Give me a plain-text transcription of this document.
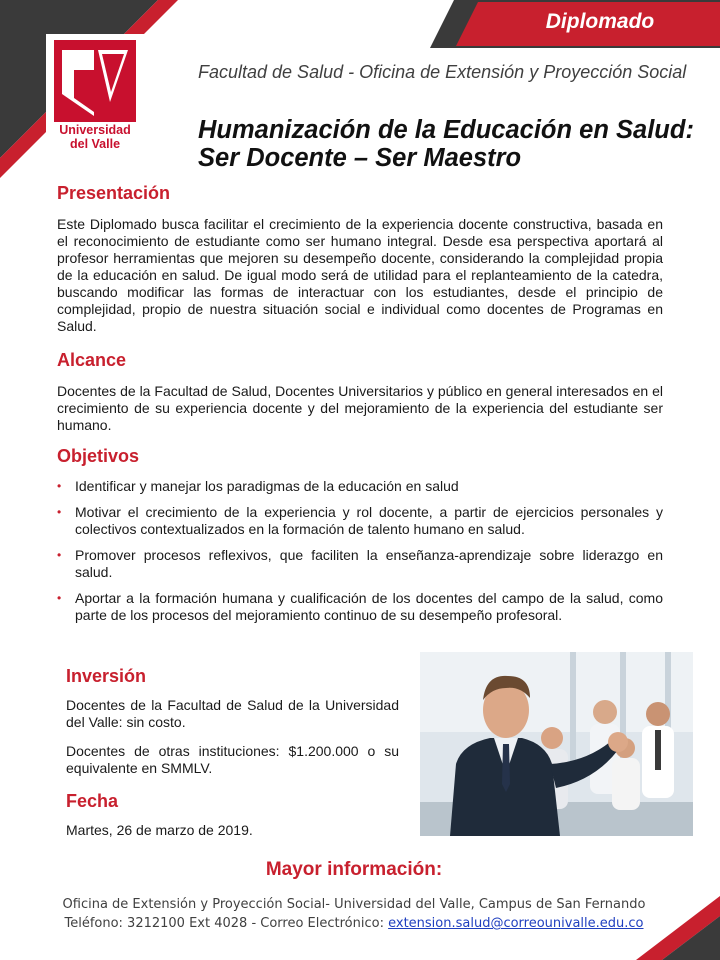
Diplomado
Universidad
del Valle
Facultad de Salud - Oficina de Extensión y Proyección Social
Humanización de la Educación en Salud: Ser Docente – Ser Maestro
Presentación
Este Diplomado busca facilitar el crecimiento de la experiencia docente constructiva, basada en el reconocimiento de estudiante como ser humano integral. Desde esa perspectiva aportará al profesor herramientas que mejoren su desempeño docente, considerando la complejidad propia de la educación en salud. De igual modo será de utilidad para el replanteamiento de la catedra, buscando modificar las formas de interactuar con los estudiantes, desde el principio de complejidad, propio de nuestra situación social e individual como docentes de Programas en Salud.
Alcance
Docentes de la Facultad de Salud, Docentes Universitarios y público en general interesados en el crecimiento de su experiencia docente y del mejoramiento de la experiencia del estudiante ser humano.
Objetivos
• Identificar y manejar los paradigmas de la educación en salud
• Motivar el crecimiento de la experiencia y rol docente, a partir de ejercicios personales y colectivos contextualizados en la formación de talento humano en salud.
• Promover procesos reflexivos, que faciliten la enseñanza-aprendizaje sobre liderazgo en salud.
• Aportar a la formación humana y cualificación de los docentes del campo de la salud, como parte de los procesos del mejoramiento continuo de su desempeño profesoral.
Inversión
Docentes de la Facultad de Salud de la Universidad del Valle: sin costo.
Docentes de otras instituciones: $1.200.000 o su equivalente en SMMLV.
Fecha
Martes, 26 de marzo de 2019.
Mayor información:
Oficina de Extensión y Proyección Social- Universidad del Valle, Campus de San Fernando
Teléfono: 3212100 Ext 4028 - Correo Electrónico: extension.salud@correounivalle.edu.co
